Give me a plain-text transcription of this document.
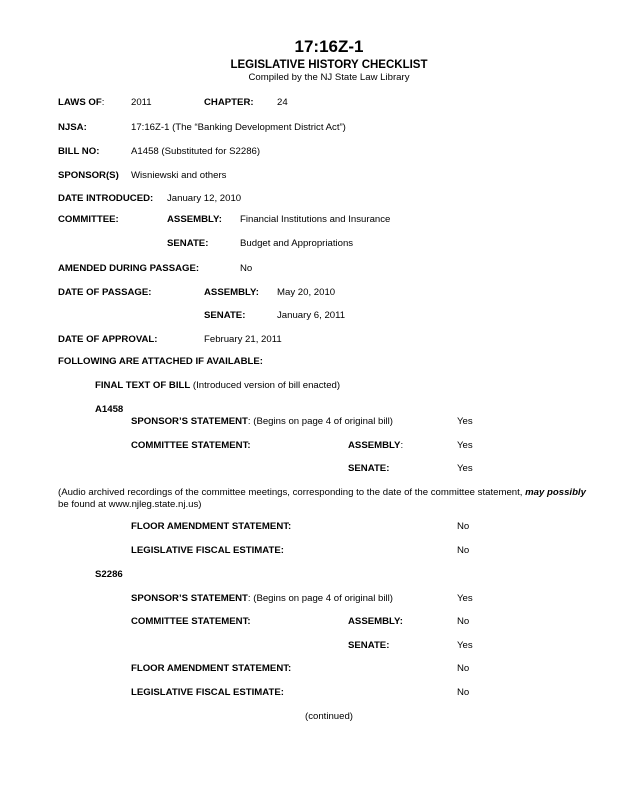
17:16Z-1
LEGISLATIVE HISTORY CHECKLIST
Compiled by the NJ State Law Library
LAWS OF:	2011	CHAPTER: 24
NJSA:	17:16Z-1 (The “Banking Development District Act”)
BILL NO:	A1458 (Substituted for S2286)
SPONSOR(S) Wisniewski and others
DATE INTRODUCED: January 12, 2010
COMMITTEE:	ASSEMBLY: Financial Institutions and Insurance
SENATE:	Budget and Appropriations
AMENDED DURING PASSAGE:	No
DATE OF PASSAGE:	ASSEMBLY: May 20, 2010
SENATE:	January 6, 2011
DATE OF APPROVAL:	February 21, 2011
FOLLOWING ARE ATTACHED IF AVAILABLE:
FINAL TEXT OF BILL (Introduced version of bill enacted)
A1458
SPONSOR’S STATEMENT: (Begins on page 4 of original bill)	Yes
COMMITTEE STATEMENT:	ASSEMBLY:	Yes
SENATE:	Yes
(Audio archived recordings of the committee meetings, corresponding to the date of the committee statement, may possibly be found at www.njleg.state.nj.us)
FLOOR AMENDMENT STATEMENT:	No
LEGISLATIVE FISCAL ESTIMATE:	No
S2286
SPONSOR’S STATEMENT: (Begins on page 4 of original bill)	Yes
COMMITTEE STATEMENT:	ASSEMBLY:	No
SENATE:	Yes
FLOOR AMENDMENT STATEMENT:	No
LEGISLATIVE FISCAL ESTIMATE:	No
(continued)
